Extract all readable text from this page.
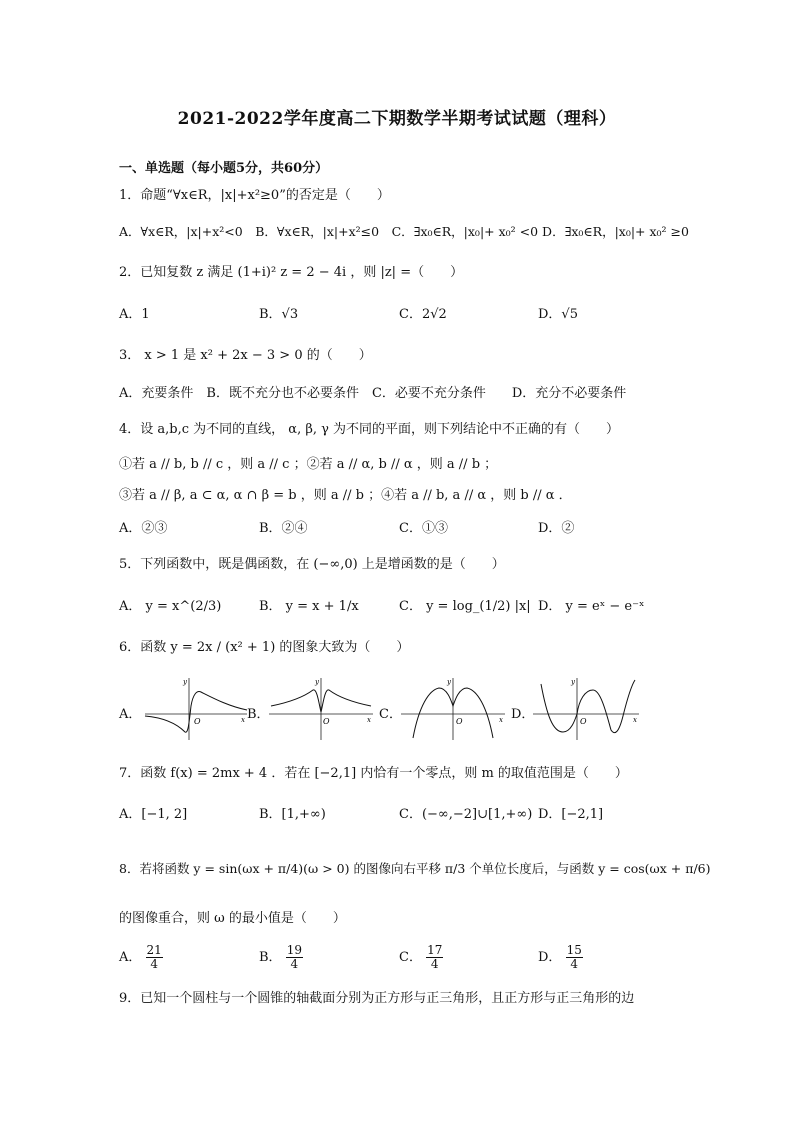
2021-2022学年度高二下期数学半期考试试题（理科）
一、单选题（每小题5分，共60分）
1．命题“∀x∈R，|x|+x²≥0”的否定是（　　）
A．∀x∈R，|x|+x²<0　B．∀x∈R，|x|+x²≤0　C．∃x₀∈R，|x₀|+ x₀² <0 D．∃x₀∈R，|x₀|+ x₀² ≥0
2．已知复数 z 满足 (1+i)² z = 2 − 4i ，则 |z| =（　　）
A．1	B．√3	C．2√2	D．√5
3． x > 1 是 x² + 2x − 3 > 0 的（　　）
A．充要条件　B．既不充分也不必要条件　C．必要不充分条件　　D．充分不必要条件
4．设 a,b,c 为不同的直线， α, β, γ 为不同的平面，则下列结论中不正确的有（　　）
①若 a // b, b // c ，则 a // c ；②若 a // α, b // α ，则 a // b ；
③若 a // β, a ⊂ α, α ∩ β = b ，则 a // b ；④若 a // b, a // α ，则 b // α ．
A．②③	B．②④	C．①③	D．②
5．下列函数中，既是偶函数，在 (−∞,0) 上是增函数的是（　　）
A． y = x^(2/3)	B． y = x + 1/x	C． y = log_(1/2) |x| D． y = eˣ − e⁻ˣ
6．函数 y = 2x / (x² + 1) 的图象大致为（　　）
A．	O	x
y
B．	O	x
y
C．	O	x
y
D．	O	x
y
7．函数 f(x) = 2mx + 4 ．若在 [−2,1] 内恰有一个零点，则 m 的取值范围是（　　）
A．[−1, 2]	B．[1,+∞)	C．(−∞,−2]∪[1,+∞) D．[−2,1]
8．若将函数 y = sin(ωx + π/4)(ω > 0) 的图像向右平移 π/3 个单位长度后，与函数 y = cos(ωx + π/6)
的图像重合，则 ω 的最小值是（　　）
A． $\frac{21}{4}$	B． $\frac{19}{4}$	C． $\frac{17}{4}$	D． $\frac{15}{4}$
9．已知一个圆柱与一个圆锥的轴截面分别为正方形与正三角形，且正方形与正三角形的边
